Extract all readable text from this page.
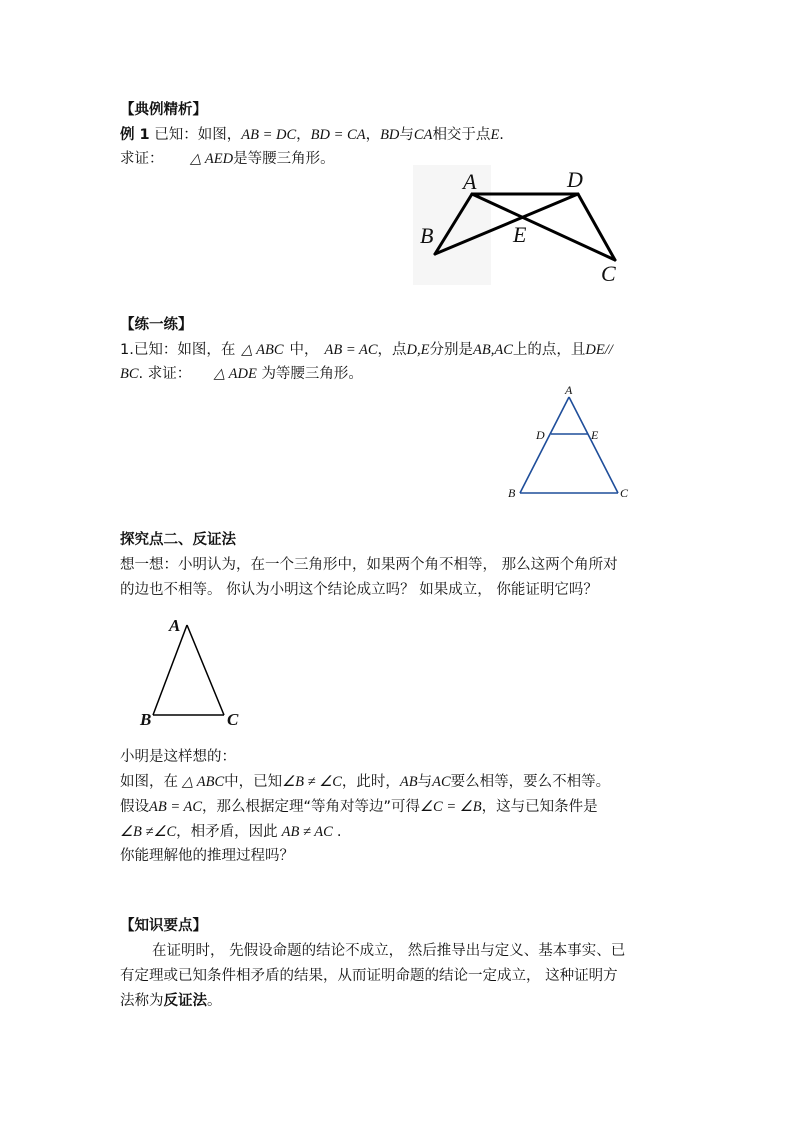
【典例精析】
例 1 已知：如图，AB = DC，BD = CA，BD与CA相交于点E.
求证： △ AED是等腰三角形。
A	D
B	E
C
【练一练】
1.已知：如图，在 △ ABC 中， AB = AC，点D,E分别是AB,AC上的点，且DE//
BC. 求证： △ ADE 为等腰三角形。
A
D	E
B	C
探究点二、反证法
想一想：小明认为，在一个三角形中，如果两个角不相等， 那么这两个角所对
的边也不相等。 你认为小明这个结论成立吗？ 如果成立， 你能证明它吗？
A
B	C
小明是这样想的：
如图，在 △ ABC中，已知∠B ≠ ∠C，此时，AB与AC要么相等，要么不相等。
假设AB = AC，那么根据定理“等角对等边”可得∠C = ∠B，这与已知条件是
∠B ≠∠C，相矛盾，因此 AB ≠ AC .
你能理解他的推理过程吗？
【知识要点】
在证明时， 先假设命题的结论不成立， 然后推导出与定义、基本事实、已
有定理或已知条件相矛盾的结果，从而证明命题的结论一定成立， 这种证明方
法称为反证法。
